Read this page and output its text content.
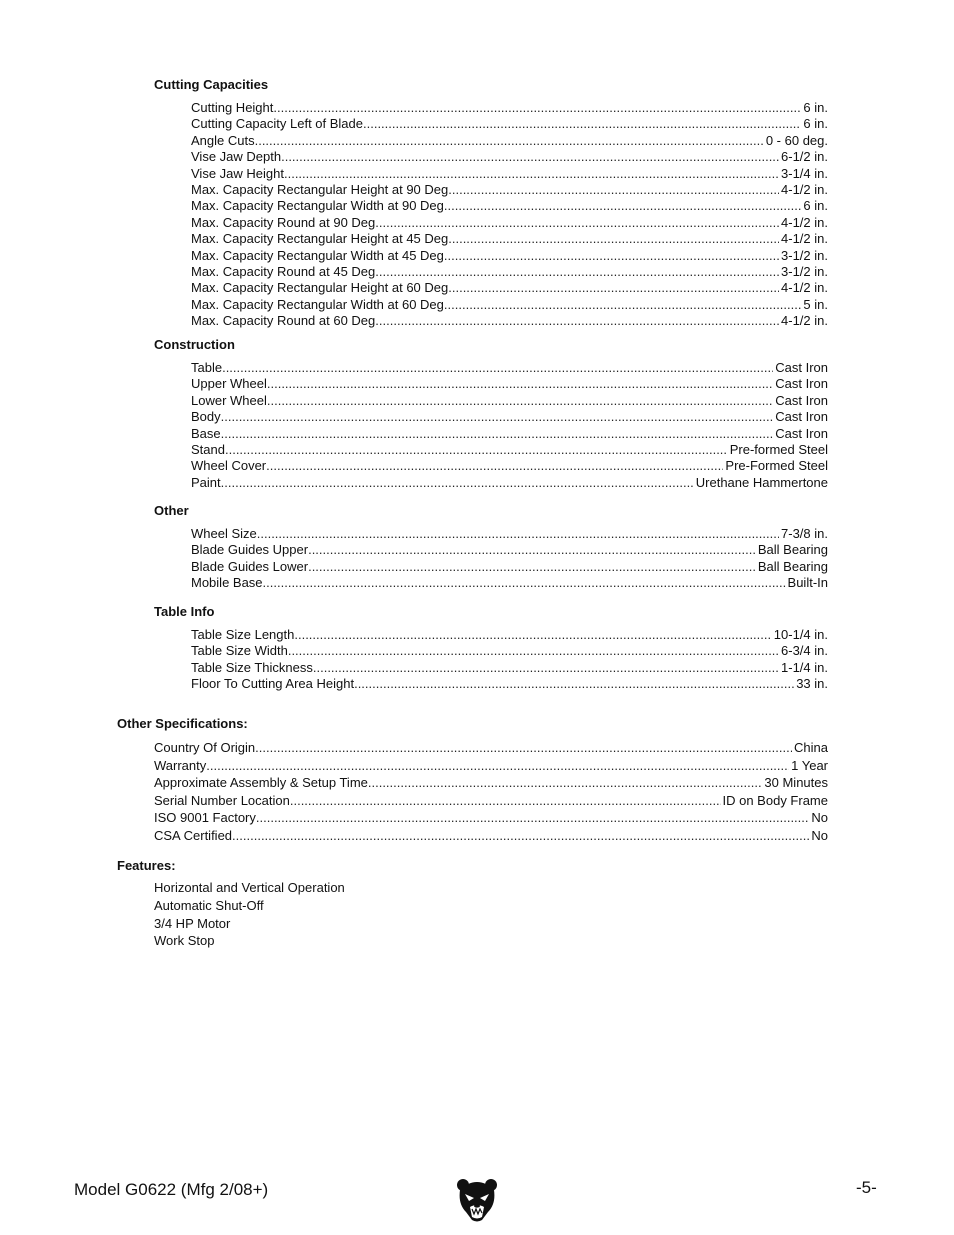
Cutting Capacities
Cutting Height .....	6 in.
Cutting Capacity Left of Blade .....	6 in.
Angle Cuts .....	0 - 60 deg.
Vise Jaw Depth .....	6-1/2 in.
Vise Jaw Height .....	3-1/4 in.
Max. Capacity Rectangular Height at 90 Deg .....	4-1/2 in.
Max. Capacity Rectangular Width at 90 Deg .....	6 in.
Max. Capacity Round at 90 Deg .....	4-1/2 in.
Max. Capacity Rectangular Height at 45 Deg .....	4-1/2 in.
Max. Capacity Rectangular Width at 45 Deg .....	3-1/2 in.
Max. Capacity Round at 45 Deg .....	3-1/2 in.
Max. Capacity Rectangular Height at 60 Deg .....	4-1/2 in.
Max. Capacity Rectangular Width at 60 Deg .....	5 in.
Max. Capacity Round at 60 Deg .....	4-1/2 in.
Construction
Table .....	Cast Iron
Upper Wheel .....	Cast Iron
Lower Wheel .....	Cast Iron
Body .....	Cast Iron
Base .....	Cast Iron
Stand .....	Pre-formed Steel
Wheel Cover .....	Pre-Formed Steel
Paint .....	Urethane Hammertone
Other
Wheel Size .....	7-3/8 in.
Blade Guides Upper .....	Ball Bearing
Blade Guides Lower .....	Ball Bearing
Mobile Base .....	Built-In
Table Info
Table Size Length .....	10-1/4 in.
Table Size Width .....	6-3/4 in.
Table Size Thickness .....	1-1/4 in.
Floor To Cutting Area Height .....	33 in.
Other Specifications:
Country Of Origin .....	China
Warranty .....	1 Year
Approximate Assembly & Setup Time .....	30 Minutes
Serial Number Location .....	ID on Body Frame
ISO 9001 Factory .....	No
CSA Certified .....	No
Features:
Horizontal and Vertical Operation
Automatic Shut-Off
3/4 HP Motor
Work Stop
Model G0622 (Mfg 2/08+)	-5-
